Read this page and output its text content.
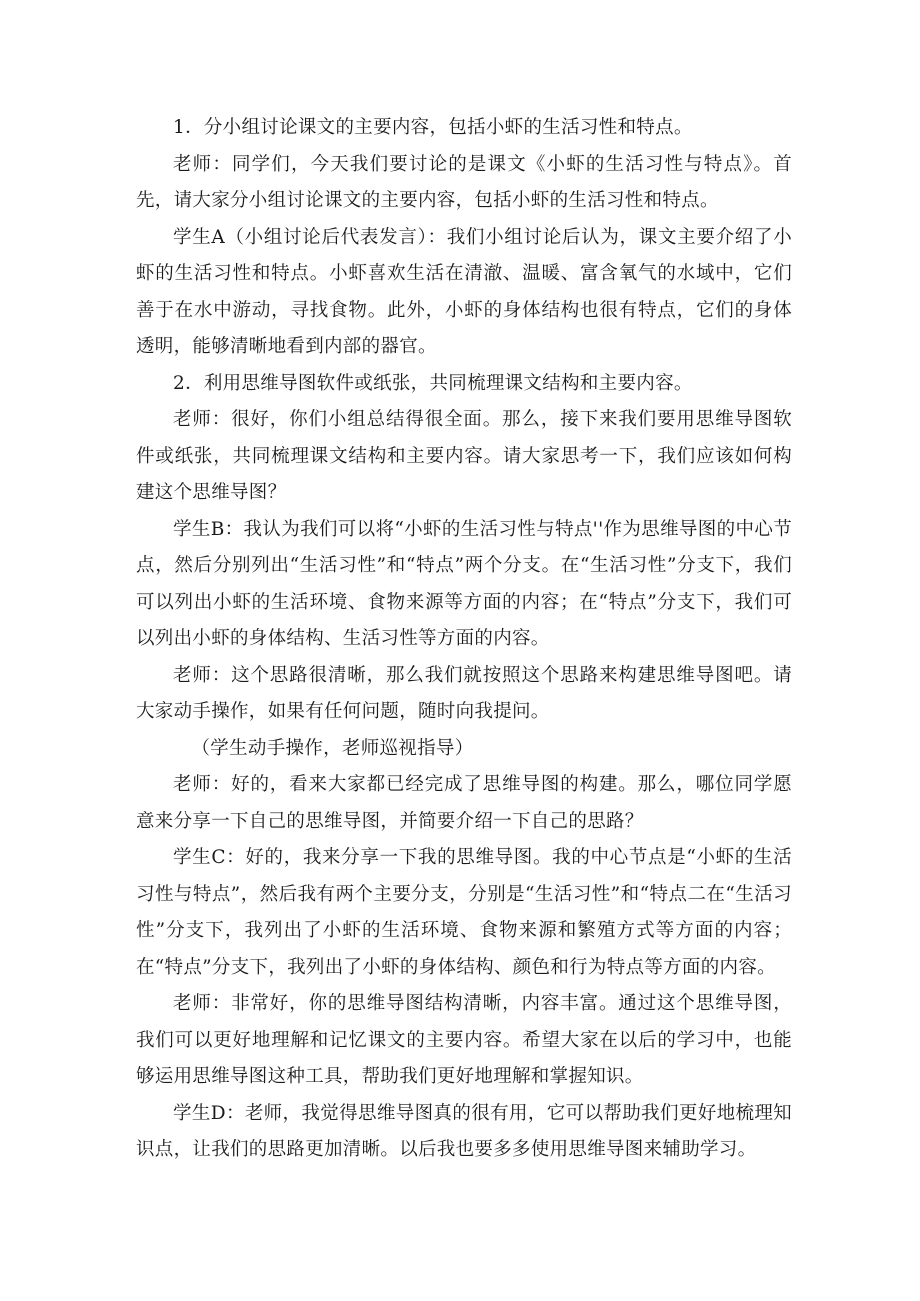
1．分小组讨论课文的主要内容，包括小虾的生活习性和特点。

老师：同学们，今天我们要讨论的是课文《小虾的生活习性与特点》。首先，请大家分小组讨论课文的主要内容，包括小虾的生活习性和特点。

学生A（小组讨论后代表发言）：我们小组讨论后认为，课文主要介绍了小虾的生活习性和特点。小虾喜欢生活在清澈、温暖、富含氧气的水域中，它们善于在水中游动，寻找食物。此外，小虾的身体结构也很有特点，它们的身体透明，能够清晰地看到内部的器官。

2．利用思维导图软件或纸张，共同梳理课文结构和主要内容。

老师：很好，你们小组总结得很全面。那么，接下来我们要用思维导图软件或纸张，共同梳理课文结构和主要内容。请大家思考一下，我们应该如何构建这个思维导图？

学生B：我认为我们可以将“小虾的生活习性与特点''作为思维导图的中心节点，然后分别列出“生活习性”和“特点”两个分支。在“生活习性”分支下，我们可以列出小虾的生活环境、食物来源等方面的内容；在“特点”分支下，我们可以列出小虾的身体结构、生活习性等方面的内容。

老师：这个思路很清晰，那么我们就按照这个思路来构建思维导图吧。请大家动手操作，如果有任何问题，随时向我提问。

（学生动手操作，老师巡视指导）

老师：好的，看来大家都已经完成了思维导图的构建。那么，哪位同学愿意来分享一下自己的思维导图，并简要介绍一下自己的思路？

学生C：好的，我来分享一下我的思维导图。我的中心节点是“小虾的生活习性与特点”，然后我有两个主要分支，分别是“生活习性”和“特点二在“生活习性”分支下，我列出了小虾的生活环境、食物来源和繁殖方式等方面的内容；在“特点”分支下，我列出了小虾的身体结构、颜色和行为特点等方面的内容。

老师：非常好，你的思维导图结构清晰，内容丰富。通过这个思维导图，我们可以更好地理解和记忆课文的主要内容。希望大家在以后的学习中，也能够运用思维导图这种工具，帮助我们更好地理解和掌握知识。

学生D：老师，我觉得思维导图真的很有用，它可以帮助我们更好地梳理知识点，让我们的思路更加清晰。以后我也要多多使用思维导图来辅助学习。
